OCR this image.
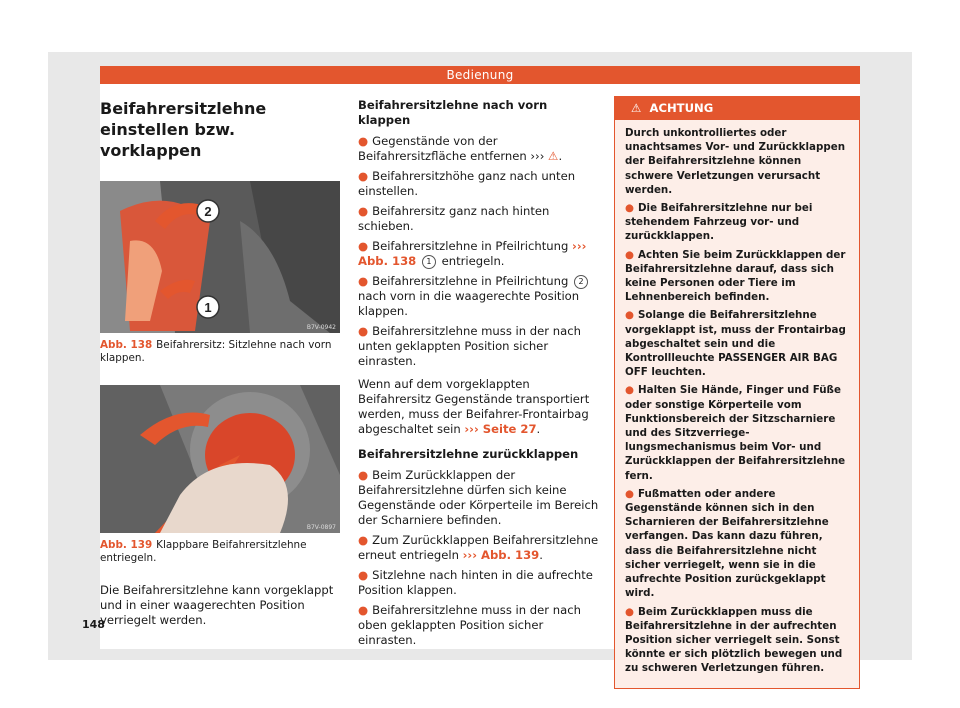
Bedienung
Beifahrersitzlehne einstellen bzw. vorklappen
2
1
B7V-0942

Abb. 138 Beifahrersitz: Sitzlehne nach vorn klappen.

B7V-0897

Abb. 139 Klappbare Beifahrersitzlehne entriegeln.

Die Beifahrersitzlehne kann vorgeklappt und in einer waagerechten Position verriegelt werden.

Beifahrersitzlehne nach vorn klappen

● Gegenstände von der Beifahrersitzfläche entfernen ››› ⚠.

● Beifahrersitzhöhe ganz nach unten einstellen.

● Beifahrersitz ganz nach hinten schieben.

● Beifahrersitzlehne in Pfeilrichtung ››› Abb. 138 1 entriegeln.

● Beifahrersitzlehne in Pfeilrichtung 2 nach vorn in die waagerechte Position klappen.

● Beifahrersitzlehne muss in der nach unten geklappten Position sicher einrasten.

Wenn auf dem vorgeklappten Beifahrersitz Gegenstände transportiert werden, muss der Beifahrer-Frontairbag abgeschaltet sein ››› Seite 27.

Beifahrersitzlehne zurückklappen

● Beim Zurückklappen der Beifahrersitzlehne dürfen sich keine Gegenstände oder Körperteile im Bereich der Scharniere befinden.

● Zum Zurückklappen Beifahrersitzlehne erneut entriegeln ››› Abb. 139.

● Sitzlehne nach hinten in die aufrechte Position klappen.

● Beifahrersitzlehne muss in der nach oben geklappten Position sicher einrasten.

⚠ ACHTUNG

Durch unkontrolliertes oder unachtsames Vor- und Zurückklappen der Beifahrersitzlehne können schwere Verletzungen verursacht werden.

● Die Beifahrersitzlehne nur bei stehendem Fahrzeug vor- und zurückklappen.

● Achten Sie beim Zurückklappen der Beifahrersitzlehne darauf, dass sich keine Personen oder Tiere im Lehnenbereich befinden.

● Solange die Beifahrersitzlehne vorgeklappt ist, muss der Frontairbag abgeschaltet sein und die Kontrollleuchte PASSENGER AIR BAG OFF leuchten.

● Halten Sie Hände, Finger und Füße oder sonstige Körperteile vom Funktionsbereich der Sitzscharniere und des Sitzverriegelungsmechanismus beim Vor- und Zurückklappen der Beifahrersitzlehne fern.

● Fußmatten oder andere Gegenstände können sich in den Scharnieren der Beifahrersitzlehne verfangen. Das kann dazu führen, dass die Beifahrersitzlehne nicht sicher verriegelt, wenn sie in die aufrechte Position zurückgeklappt wird.

● Beim Zurückklappen muss die Beifahrersitzlehne in der aufrechten Position sicher verriegelt sein. Sonst könnte er sich plötzlich bewegen und zu schweren Verletzungen führen.

148
